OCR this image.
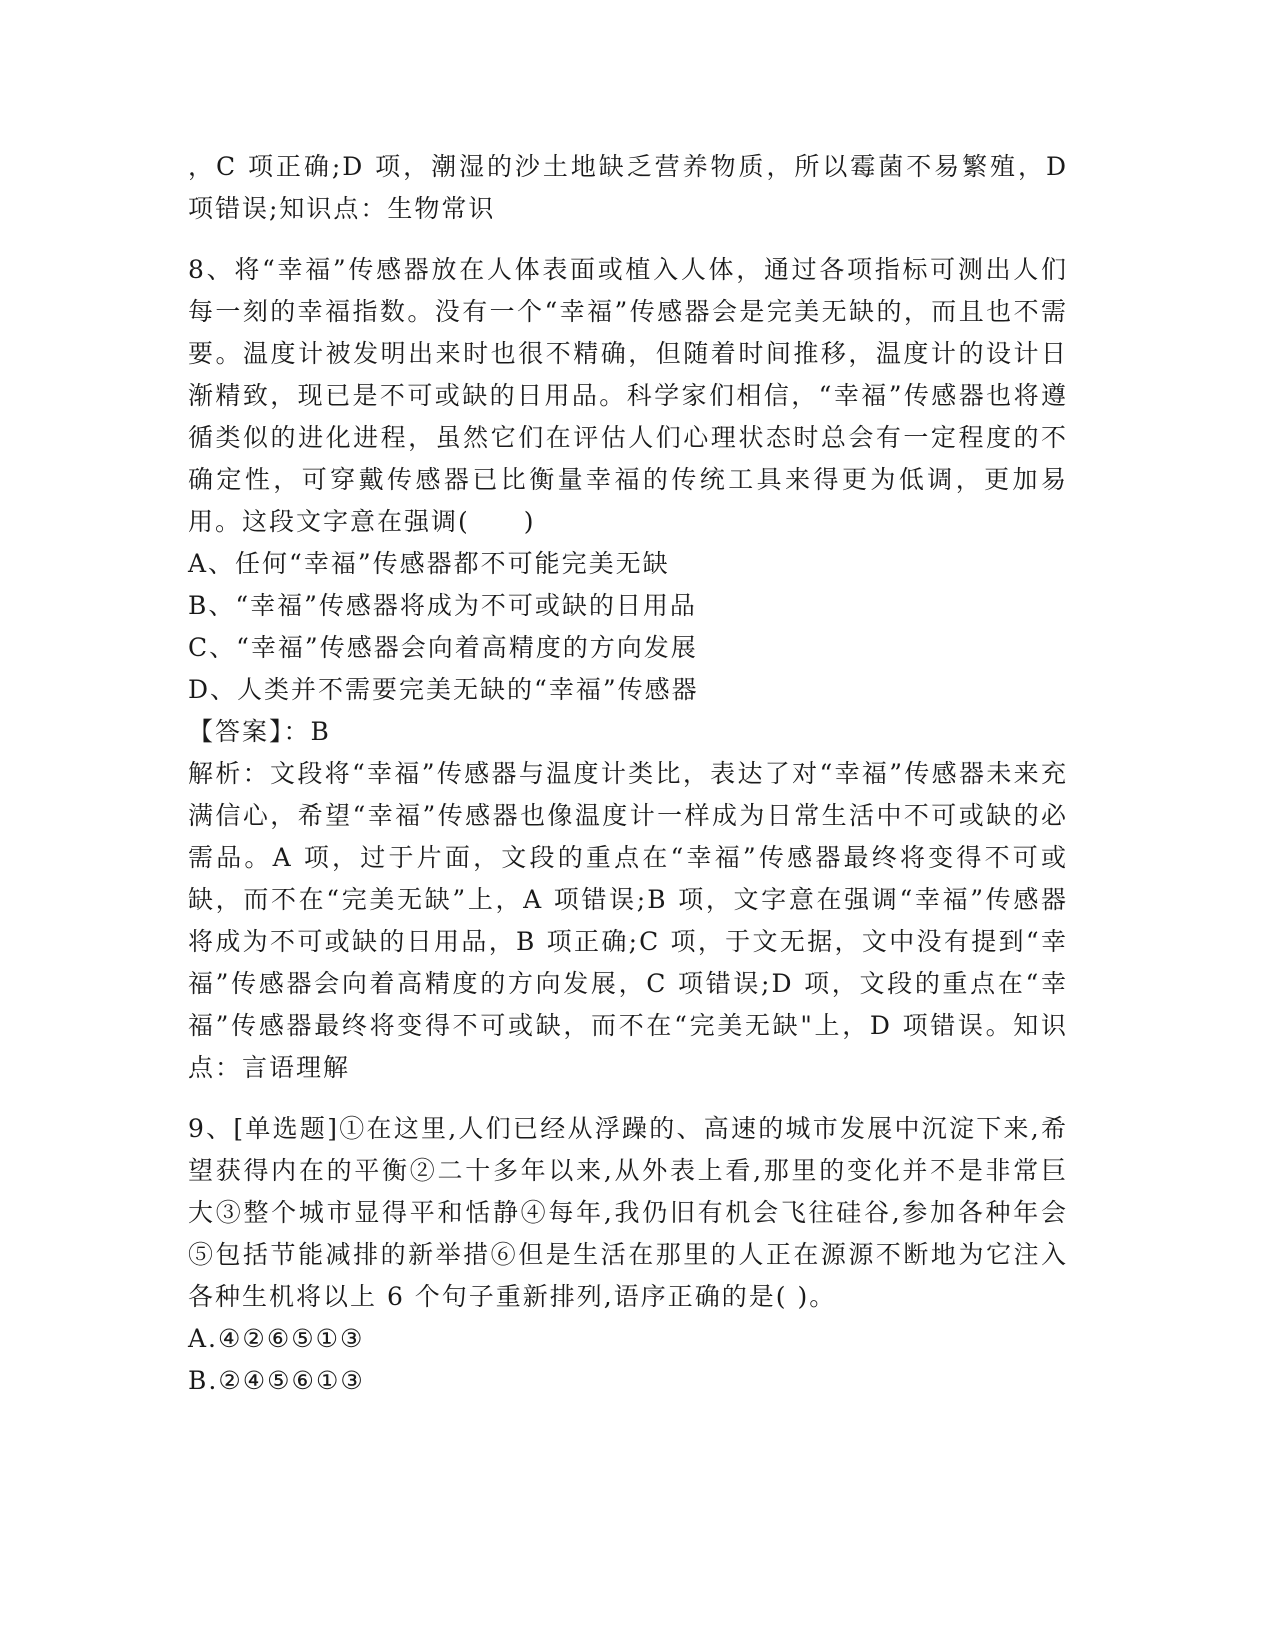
，C 项正确;D 项，潮湿的沙土地缺乏营养物质，所以霉菌不易繁殖，D 项错误;知识点：生物常识

8、将“幸福”传感器放在人体表面或植入人体，通过各项指标可测出人们每一刻的幸福指数。没有一个“幸福”传感器会是完美无缺的，而且也不需要。温度计被发明出来时也很不精确，但随着时间推移，温度计的设计日渐精致，现已是不可或缺的日用品。科学家们相信，“幸福”传感器也将遵循类似的进化进程，虽然它们在评估人们心理状态时总会有一定程度的不确定性，可穿戴传感器已比衡量幸福的传统工具来得更为低调，更加易用。这段文字意在强调(　　)

A、任何“幸福”传感器都不可能完美无缺

B、“幸福”传感器将成为不可或缺的日用品

C、“幸福”传感器会向着高精度的方向发展

D、人类并不需要完美无缺的“幸福”传感器

【答案】：B

解析：文段将“幸福”传感器与温度计类比，表达了对“幸福”传感器未来充满信心，希望“幸福”传感器也像温度计一样成为日常生活中不可或缺的必需品。A 项，过于片面，文段的重点在“幸福”传感器最终将变得不可或缺，而不在“完美无缺”上，A 项错误;B 项，文字意在强调“幸福”传感器将成为不可或缺的日用品，B 项正确;C 项，于文无据，文中没有提到“幸福”传感器会向着高精度的方向发展，C 项错误;D 项，文段的重点在“幸福”传感器最终将变得不可或缺，而不在“完美无缺"上，D 项错误。知识点：言语理解

9、[单选题]①在这里,人们已经从浮躁的、高速的城市发展中沉淀下来,希望获得内在的平衡②二十多年以来,从外表上看,那里的变化并不是非常巨大③整个城市显得平和恬静④每年,我仍旧有机会飞往硅谷,参加各种年会⑤包括节能减排的新举措⑥但是生活在那里的人正在源源不断地为它注入各种生机将以上 6 个句子重新排列,语序正确的是( )。

A.④②⑥⑤①③

B.②④⑤⑥①③
